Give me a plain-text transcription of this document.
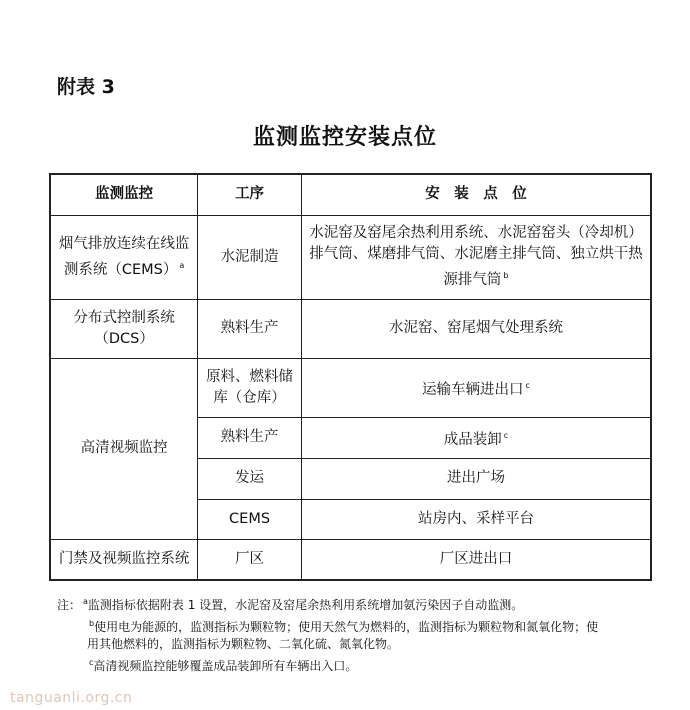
附表 3
监测监控安装点位
监测监控	工序	安　装　点　位
烟气排放连续在线监测系统（CEMS） $^a$	水泥制造	水泥窑及窑尾余热利用系统、水泥窑窑头（冷却机）排气筒、煤磨排气筒、水泥磨主排气筒、独立烘干热源排气筒 $^b$
分布式控制系统（DCS）	熟料生产	水泥窑、窑尾烟气处理系统
高清视频监控	原料、燃料储库（仓库）	运输车辆进出口 $^c$
	熟料生产	成品装卸 $^c$
	发运	进出广场
	CEMS	站房内、采样平台
门禁及视频监控系统	厂区	厂区进出口
注： $^a$监测指标依据附表 1 设置，水泥窑及窑尾余热利用系统增加氨污染因子自动监测。
$^b$使用电为能源的，监测指标为颗粒物；使用天然气为燃料的，监测指标为颗粒物和氮氧化物；使
用其他燃料的，监测指标为颗粒物、二氧化硫、氮氧化物。
$^c$高清视频监控能够覆盖成品装卸所有车辆出入口。
tanguanli.org.cn
